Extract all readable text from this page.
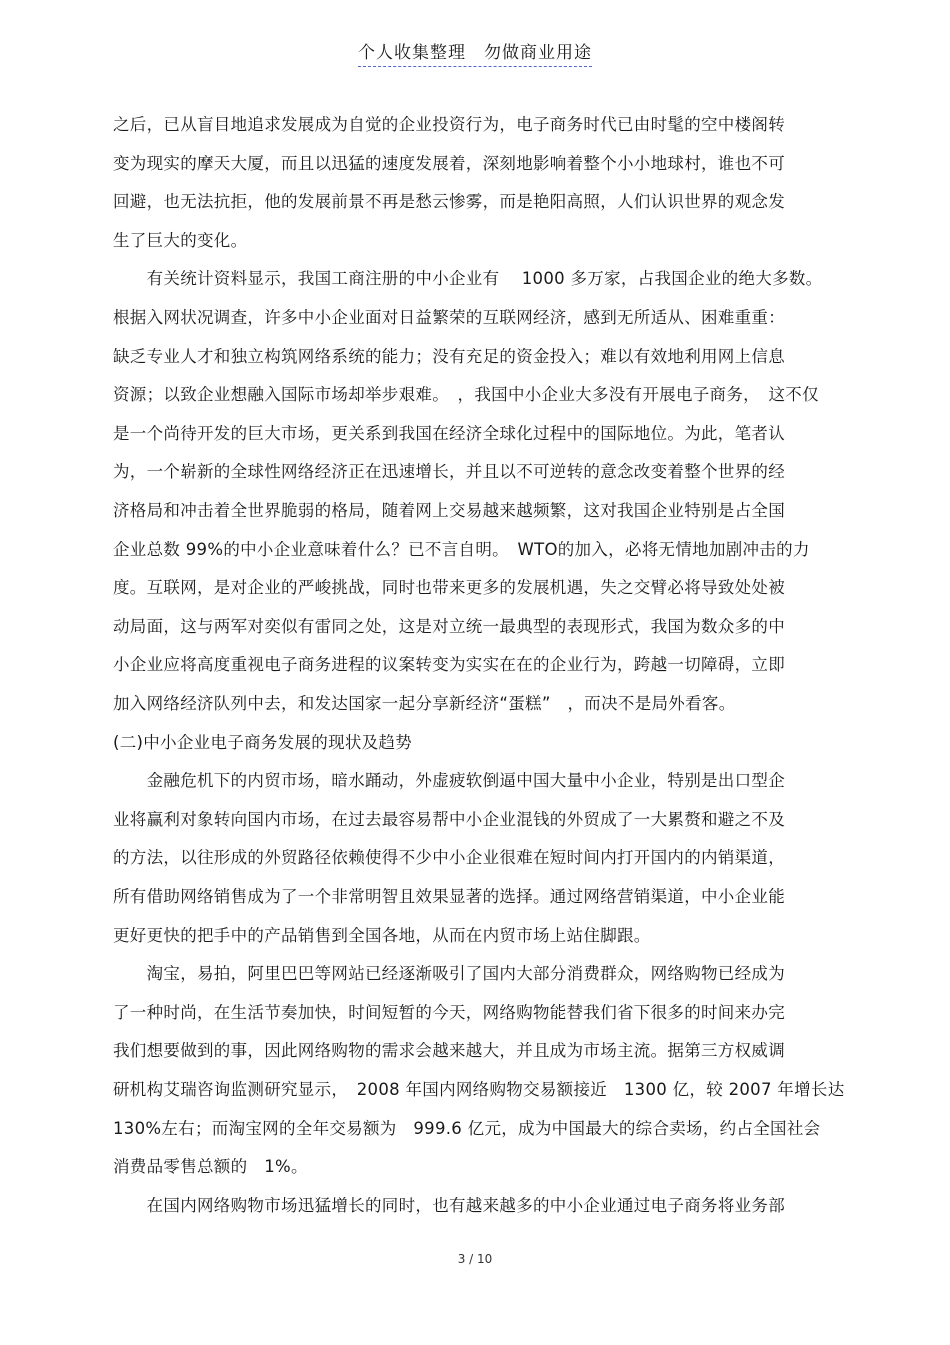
个人收集整理　勿做商业用途
之后，已从盲目地追求发展成为自觉的企业投资行为，电子商务时代已由时髦的空中楼阁转
变为现实的摩天大厦，而且以迅猛的速度发展着，深刻地影响着整个小小地球村，谁也不可
回避，也无法抗拒，他的发展前景不再是愁云惨雾，而是艳阳高照，人们认识世界的观念发
生了巨大的变化。
　　有关统计资料显示，我国工商注册的中小企业有　 1000 多万家，占我国企业的绝大多数。
根据入网状况调查，许多中小企业面对日益繁荣的互联网经济，感到无所适从、困难重重：
缺乏专业人才和独立构筑网络系统的能力；没有充足的资金投入；难以有效地利用网上信息
资源；以致企业想融入国际市场却举步艰难。　，我国中小企业大多没有开展电子商务，　这不仅
是一个尚待开发的巨大市场，更关系到我国在经济全球化过程中的国际地位。为此，笔者认
为，一个崭新的全球性网络经济正在迅速增长，并且以不可逆转的意念改变着整个世界的经
济格局和冲击着全世界脆弱的格局，随着网上交易越来越频繁，这对我国企业特别是占全国
企业总数 99%的中小企业意味着什么？已不言自明。　WTO的加入，必将无情地加剧冲击的力
度。互联网，是对企业的严峻挑战，同时也带来更多的发展机遇，失之交臂必将导致处处被
动局面，这与两军对奕似有雷同之处，这是对立统一最典型的表现形式，我国为数众多的中
小企业应将高度重视电子商务进程的议案转变为实实在在的企业行为，跨越一切障碍，立即
加入网络经济队列中去，和发达国家一起分享新经济“蛋糕”　，而决不是局外看客。
(二)中小企业电子商务发展的现状及趋势
　　金融危机下的内贸市场，暗水踊动，外虚疲软倒逼中国大量中小企业，特别是出口型企
业将赢利对象转向国内市场，在过去最容易帮中小企业混钱的外贸成了一大累赘和避之不及
的方法，以往形成的外贸路径依赖使得不少中小企业很难在短时间内打开国内的内销渠道，
所有借助网络销售成为了一个非常明智且效果显著的选择。通过网络营销渠道，中小企业能
更好更快的把手中的产品销售到全国各地，从而在内贸市场上站住脚跟。
　　淘宝，易拍，阿里巴巴等网站已经逐渐吸引了国内大部分消费群众，网络购物已经成为
了一种时尚，在生活节奏加快，时间短暂的今天，网络购物能替我们省下很多的时间来办完
我们想要做到的事，因此网络购物的需求会越来越大，并且成为市场主流。据第三方权威调
研机构艾瑞咨询监测研究显示，　2008 年国内网络购物交易额接近　1300 亿，较 2007 年增长达
130%左右；而淘宝网的全年交易额为　999.6 亿元，成为中国最大的综合卖场，约占全国社会
消费品零售总额的　1%。
　　在国内网络购物市场迅猛增长的同时，也有越来越多的中小企业通过电子商务将业务部
3 / 10
